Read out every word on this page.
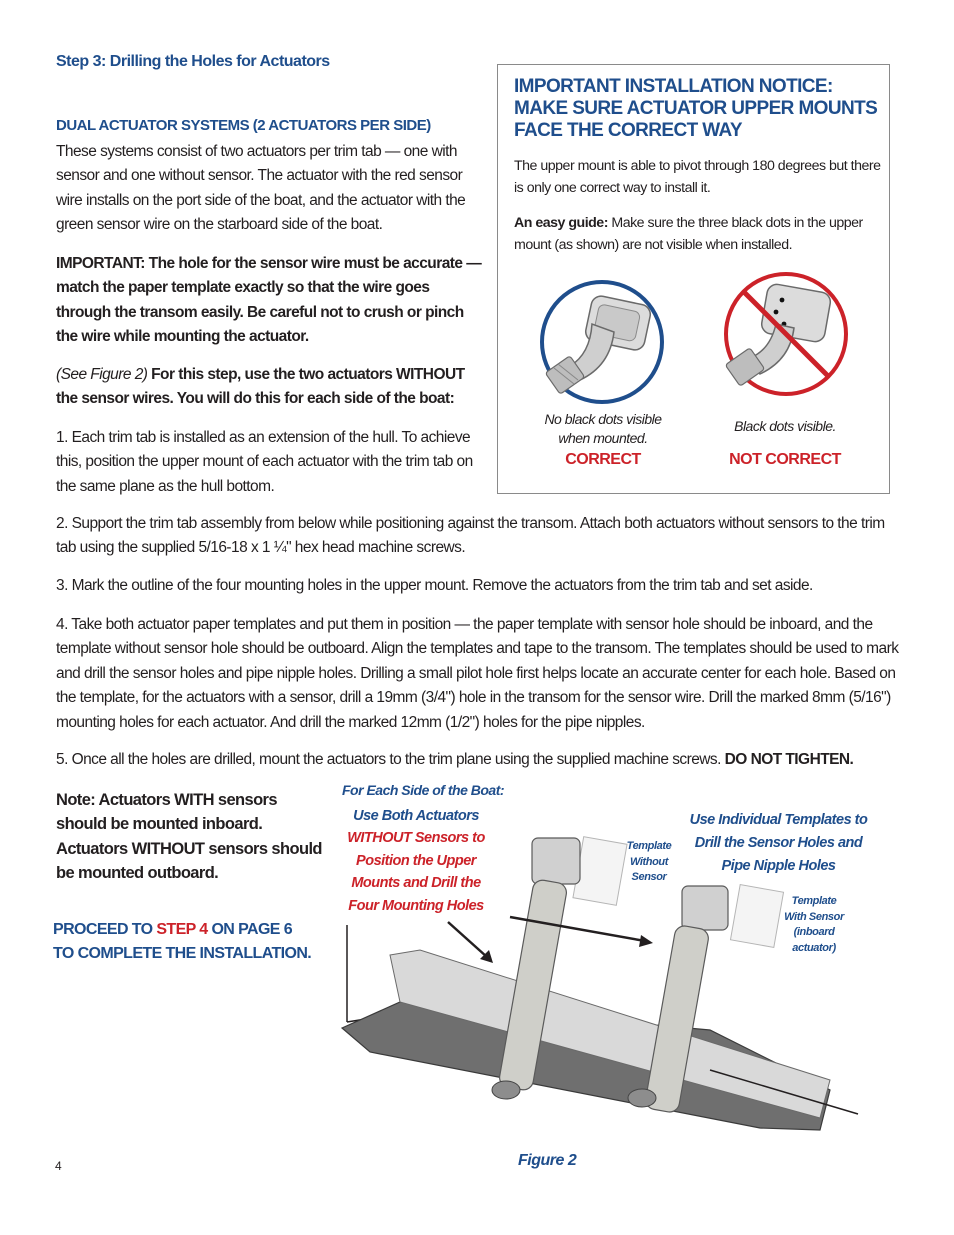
Step 3: Drilling the Holes for Actuators
DUAL ACTUATOR SYSTEMS (2 ACTUATORS PER SIDE)
These systems consist of two actuators per trim tab — one with sensor and one without sensor. The actuator with the red sensor wire installs on the port side of the boat, and the actuator with the green sensor wire on the starboard side of the boat.
IMPORTANT: The hole for the sensor wire must be accurate — match the paper template exactly so that the wire goes through the transom easily. Be careful not to crush or pinch the wire while mounting the actuator.
(See Figure 2) For this step, use the two actuators WITHOUT the sensor wires. You will do this for each side of the boat:
1. Each trim tab is installed as an extension of the hull. To achieve this, position the upper mount of each actuator with the trim tab on the same plane as the hull bottom.
IMPORTANT INSTALLATION NOTICE: MAKE SURE ACTUATOR UPPER MOUNTS FACE THE CORRECT WAY
The upper mount is able to pivot through 180 degrees but there is only one correct way to install it.
An easy guide: Make sure the three black dots in the upper mount (as shown) are not visible when installed.
No black dots visible when mounted.
CORRECT
Black dots visible.
NOT CORRECT
2. Support the trim tab assembly from below while positioning against the transom. Attach both actuators without sensors to the trim tab using the supplied 5/16-18 x 1 ¼" hex head machine screws.
3. Mark the outline of the four mounting holes in the upper mount. Remove the actuators from the trim tab and set aside.
4. Take both actuator paper templates and put them in position — the paper template with sensor hole should be inboard, and the template without sensor hole should be outboard. Align the templates and tape to the transom. The templates should be used to mark and drill the sensor holes and pipe nipple holes. Drilling a small pilot hole first helps locate an accurate center for each hole. Based on the template, for the actuators with a sensor, drill a 19mm (3/4") hole in the transom for the sensor wire. Drill the marked 8mm (5/16") mounting holes for each actuator. And drill the marked 12mm (1/2") holes for the pipe nipples.
5. Once all the holes are drilled, mount the actuators to the trim plane using the supplied machine screws. DO NOT TIGHTEN.
Note: Actuators WITH sensors should be mounted inboard. Actuators WITHOUT sensors should be mounted outboard.
PROCEED TO STEP 4 ON PAGE 6 TO COMPLETE THE INSTALLATION.
For Each Side of the Boat:
Use Both Actuators WITHOUT Sensors to Position the Upper Mounts and Drill the Four Mounting Holes
Use Individual Templates to Drill the Sensor Holes and Pipe Nipple Holes
Template Without Sensor
Template With Sensor (inboard actuator)
Figure 2
4
